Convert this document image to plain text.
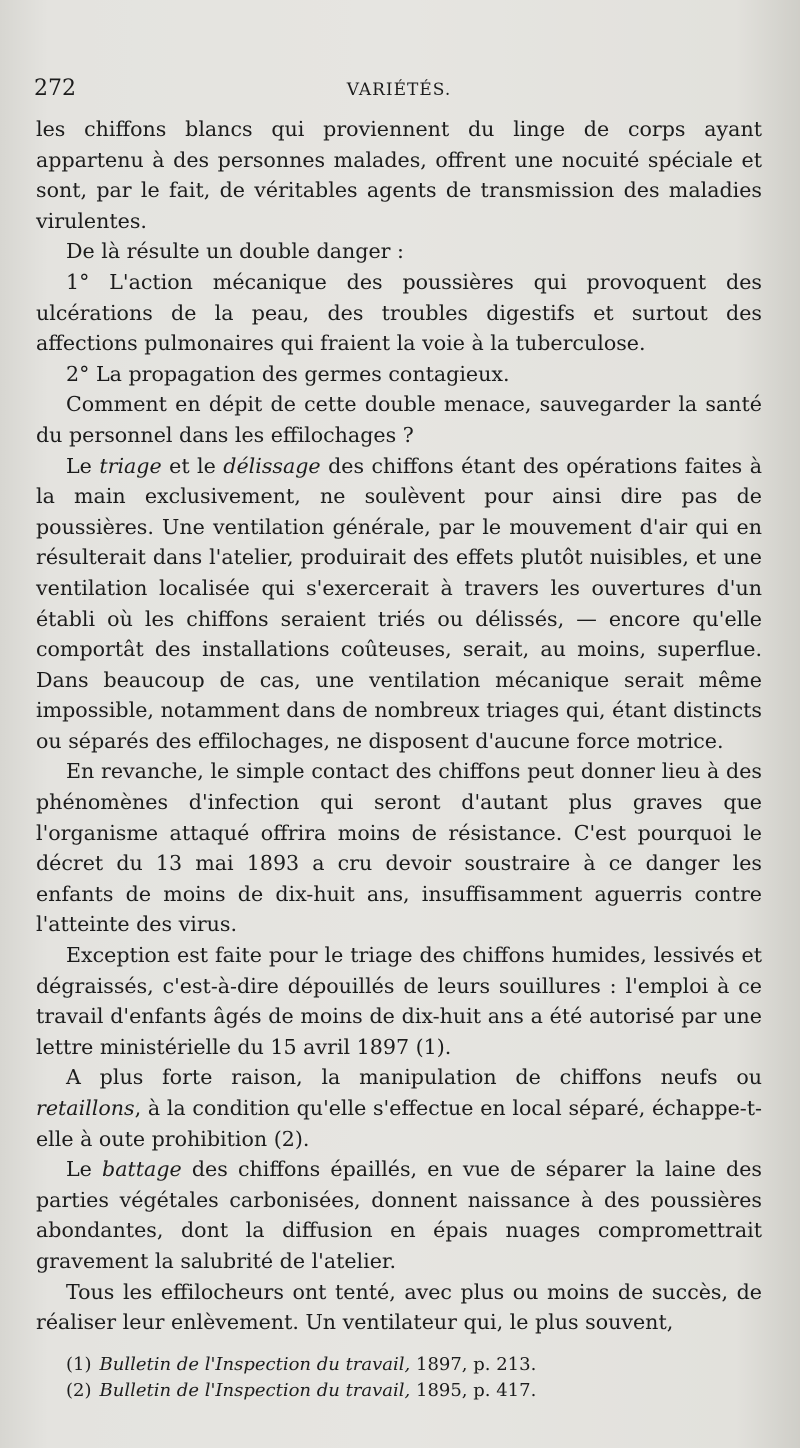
272	VARIÉTÉS.

les chiffons blancs qui proviennent du linge de corps ayant appartenu à des personnes malades, offrent une nocuité spéciale et sont, par le fait, de véritables agents de transmission des maladies virulentes.

De là résulte un double danger :

1° L'action mécanique des poussières qui provoquent des ulcérations de la peau, des troubles digestifs et surtout des affections pulmonaires qui fraient la voie à la tuberculose.

2° La propagation des germes contagieux.

Comment en dépit de cette double menace, sauvegarder la santé du personnel dans les effilochages ?

Le triage et le délissage des chiffons étant des opérations faites à la main exclusivement, ne soulèvent pour ainsi dire pas de poussières. Une ventilation générale, par le mouvement d'air qui en résulterait dans l'atelier, produirait des effets plutôt nuisibles, et une ventilation localisée qui s'exercerait à travers les ouvertures d'un établi où les chiffons seraient triés ou délissés, — encore qu'elle comportât des installations coûteuses, serait, au moins, superflue. Dans beaucoup de cas, une ventilation mécanique serait même impossible, notamment dans de nombreux triages qui, étant distincts ou séparés des effilochages, ne disposent d'aucune force motrice.

En revanche, le simple contact des chiffons peut donner lieu à des phénomènes d'infection qui seront d'autant plus graves que l'organisme attaqué offrira moins de résistance. C'est pourquoi le décret du 13 mai 1893 a cru devoir soustraire à ce danger les enfants de moins de dix-huit ans, insuffisamment aguerris contre l'atteinte des virus.

Exception est faite pour le triage des chiffons humides, lessivés et dégraissés, c'est-à-dire dépouillés de leurs souillures : l'emploi à ce travail d'enfants âgés de moins de dix-huit ans a été autorisé par une lettre ministérielle du 15 avril 1897 (1).

A plus forte raison, la manipulation de chiffons neufs ou retaillons, à la condition qu'elle s'effectue en local séparé, échappe-t-elle à oute prohibition (2).

Le battage des chiffons épaillés, en vue de séparer la laine des parties végétales carbonisées, donnent naissance à des poussières abondantes, dont la diffusion en épais nuages compromettrait gravement la salubrité de l'atelier.

Tous les effilocheurs ont tenté, avec plus ou moins de succès, de réaliser leur enlèvement. Un ventilateur qui, le plus souvent,

(1) Bulletin de l'Inspection du travail, 1897, p. 213.

(2) Bulletin de l'Inspection du travail, 1895, p. 417.
